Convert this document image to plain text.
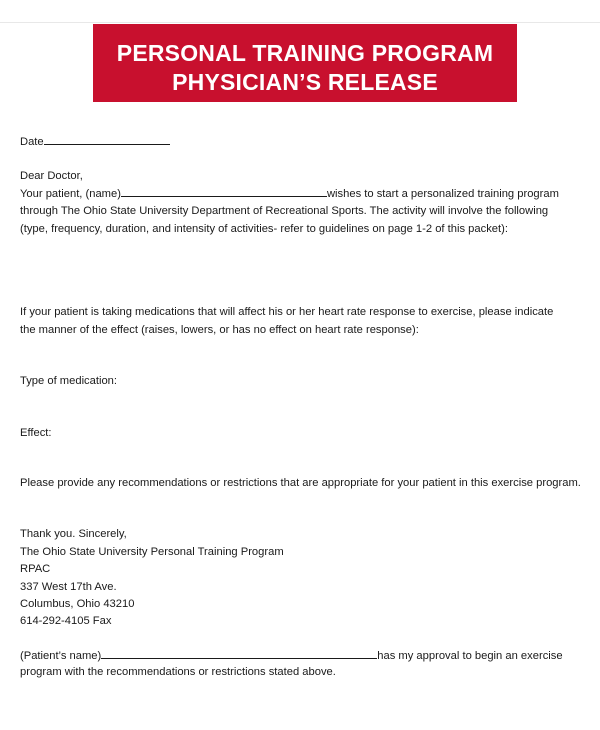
PERSONAL TRAINING PROGRAM
PHYSICIAN’S RELEASE
Date
Dear Doctor,
Your patient, (name)	wishes to start a personalized training program
through The Ohio State University Department of Recreational Sports. The activity will involve the following
(type, frequency, duration, and intensity of activities- refer to guidelines on page 1-2 of this packet):
If your patient is taking medications that will affect his or her heart rate response to exercise, please indicate
the manner of the effect (raises, lowers, or has no effect on heart rate response):
Type of medication:
Effect:
Please provide any recommendations or restrictions that are appropriate for your patient in this exercise program.
Thank you. Sincerely,
The Ohio State University Personal Training Program
RPAC
337 West 17th Ave.
Columbus, Ohio 43210
614-292-4105 Fax
(Patient’s name)	has my approval to begin an exercise
program with the recommendations or restrictions stated above.
